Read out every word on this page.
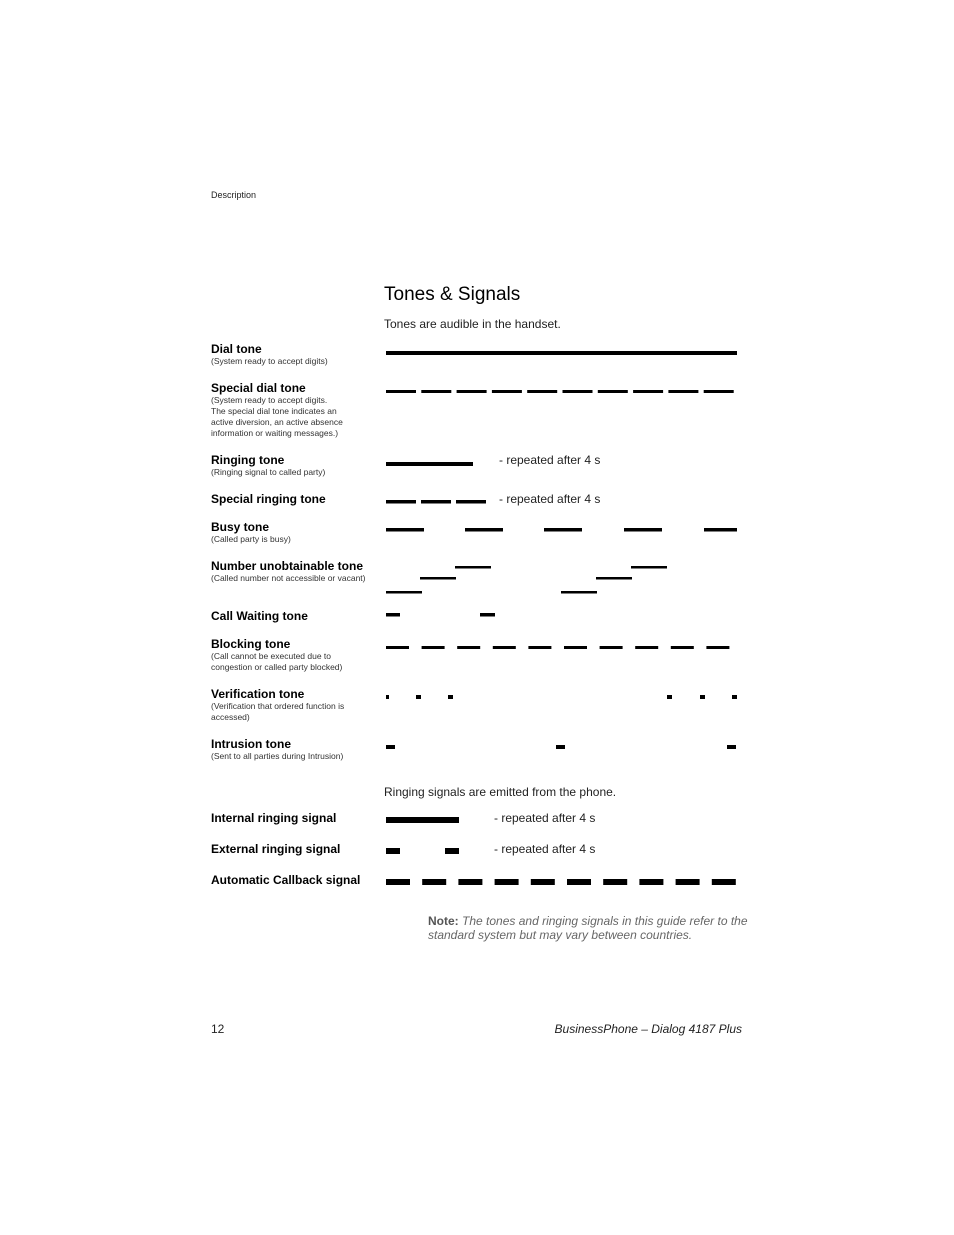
Description
Tones & Signals
Tones are audible in the handset.
Dial tone
(System ready to accept digits)
Special dial tone
(System ready to accept digits.
The special dial tone indicates an
active diversion, an active absence
information or waiting messages.)
Ringing tone
(Ringing signal to called party)
Special ringing tone
Busy tone
(Called party is busy)
Number unobtainable tone
(Called number not accessible or vacant)
Call Waiting tone
Blocking tone
(Call cannot be executed due to
congestion or called party blocked)
Verification tone
(Verification that ordered function is
accessed)
Intrusion tone
(Sent to all parties during Intrusion)
- repeated after 4 s
- repeated after 4 s
Ringing signals are emitted from the phone.
Internal ringing signal
External ringing signal
Automatic Callback signal
- repeated after 4 s
- repeated after 4 s
Note: The tones and ringing signals in this guide refer to the standard system but may vary between countries.
12	BusinessPhone – Dialog 4187 Plus
